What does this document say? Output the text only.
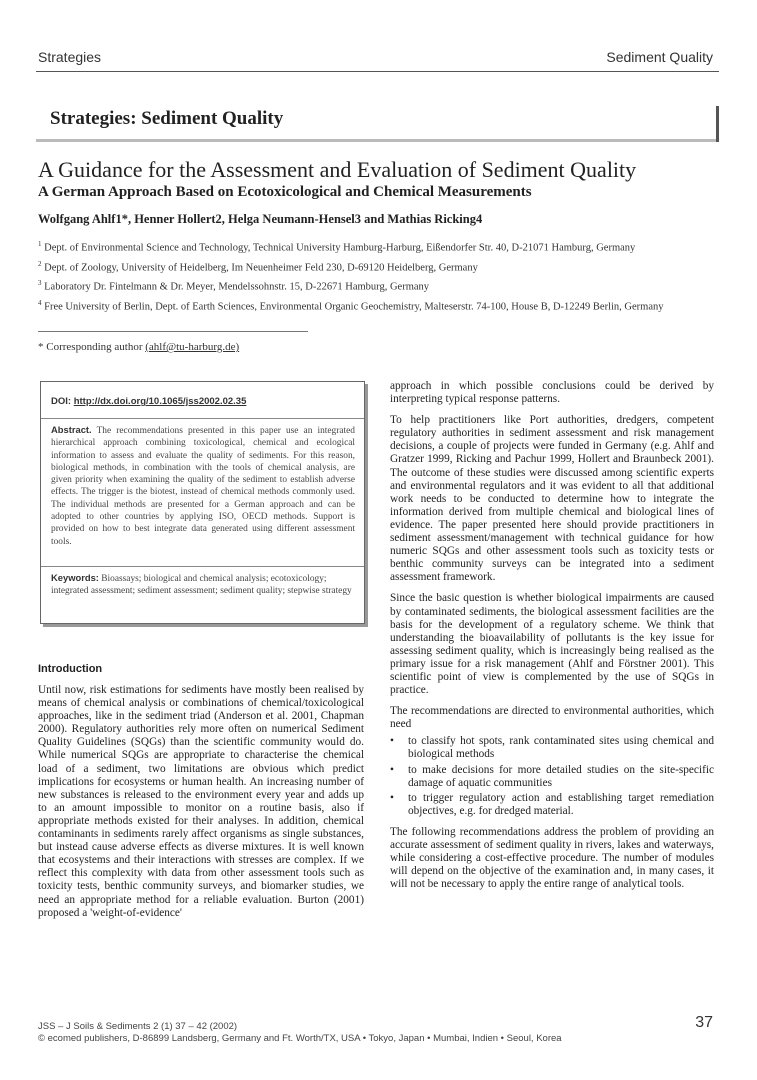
Strategies	Sediment Quality
Strategies: Sediment Quality
A Guidance for the Assessment and Evaluation of Sediment Quality
A German Approach Based on Ecotoxicological and Chemical Measurements
Wolfgang Ahlf1*, Henner Hollert2, Helga Neumann-Hensel3 and Mathias Ricking4
$^1$ Dept. of Environmental Science and Technology, Technical University Hamburg-Harburg, Eißendorfer Str. 40, D-21071 Hamburg, Germany
$^2$ Dept. of Zoology, University of Heidelberg, Im Neuenheimer Feld 230, D-69120 Heidelberg, Germany
$^3$ Laboratory Dr. Fintelmann & Dr. Meyer, Mendelssohnstr. 15, D-22671 Hamburg, Germany
$^4$ Free University of Berlin, Dept. of Earth Sciences, Environmental Organic Geochemistry, Malteserstr. 74-100, House B, D-12249 Berlin, Germany
* Corresponding author (ahlf@tu-harburg.de)
DOI: http://dx.doi.org/10.1065/jss2002.02.35
Abstract. The recommendations presented in this paper use an integrated hierarchical approach combining toxicological, chemical and ecological information to assess and evaluate the quality of sediments. For this reason, biological methods, in combination with the tools of chemical analysis, are given priority when examining the quality of the sediment to establish adverse effects. The trigger is the biotest, instead of chemical methods commonly used. The individual methods are presented for a German approach and can be adopted to other countries by applying ISO, OECD methods. Support is provided on how to best integrate data generated using different assessment tools.
Keywords: Bioassays; biological and chemical analysis; ecotoxicology; integrated assessment; sediment assessment; sediment quality; stepwise strategy
Introduction

Until now, risk estimations for sediments have mostly been realised by means of chemical analysis or combinations of chemical/toxicological approaches, like in the sediment triad (Anderson et al. 2001, Chapman 2000). Regulatory authorities rely more often on numerical Sediment Quality Guidelines (SQGs) than the scientific community would do. While numerical SQGs are appropriate to characterise the chemical load of a sediment, two limitations are obvious which predict implications for ecosystems or human health. An increasing number of new substances is released to the environment every year and adds up to an amount impossible to monitor on a routine basis, also if appropriate methods existed for their analyses. In addition, chemical contaminants in sediments rarely affect organisms as single substances, but instead cause adverse effects as diverse mixtures. It is well known that ecosystems and their interactions with stresses are complex. If we reflect this complexity with data from other assessment tools such as toxicity tests, benthic community surveys, and biomarker studies, we need an appropriate method for a reliable evaluation. Burton (2001) proposed a 'weight-of-evidence'

approach in which possible conclusions could be derived by interpreting typical response patterns.

To help practitioners like Port authorities, dredgers, competent regulatory authorities in sediment assessment and risk management decisions, a couple of projects were funded in Germany (e.g. Ahlf and Gratzer 1999, Ricking and Pachur 1999, Hollert and Braunbeck 2001). The outcome of these studies were discussed among scientific experts and environmental regulators and it was evident to all that additional work needs to be conducted to determine how to integrate the information derived from multiple chemical and biological lines of evidence. The paper presented here should provide practitioners in sediment assessment/management with technical guidance for how numeric SQGs and other assessment tools such as toxicity tests or benthic community surveys can be integrated into a sediment assessment framework.

Since the basic question is whether biological impairments are caused by contaminated sediments, the biological assessment facilities are the basis for the development of a regulatory scheme. We think that understanding the bioavailability of pollutants is the key issue for assessing sediment quality, which is increasingly being realised as the primary issue for a risk management (Ahlf and Förstner 2001). This scientific point of view is complemented by the use of SQGs in practice.

The recommendations are directed to environmental authorities, which need

• to classify hot spots, rank contaminated sites using chemical and biological methods
• to make decisions for more detailed studies on the site-specific damage of aquatic communities
• to trigger regulatory action and establishing target remediation objectives, e.g. for dredged material.

The following recommendations address the problem of providing an accurate assessment of sediment quality in rivers, lakes and waterways, while considering a cost-effective procedure. The number of modules will depend on the objective of the examination and, in many cases, it will not be necessary to apply the entire range of analytical tools.

JSS – J Soils & Sediments 2 (1) 37 – 42 (2002)
© ecomed publishers, D-86899 Landsberg, Germany and Ft. Worth/TX, USA • Tokyo, Japan • Mumbai, Indien • Seoul, Korea
37
